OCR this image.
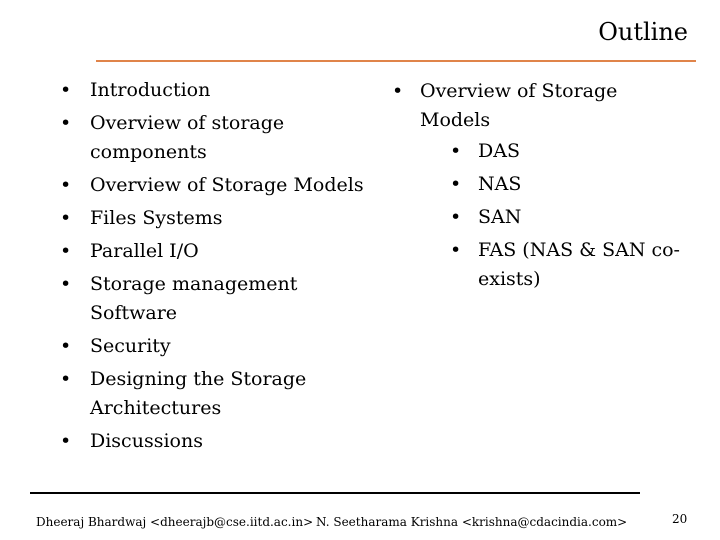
Outline
• Introduction
• Overview of storage components
• Overview of Storage Models
• Files Systems
• Parallel I/O
• Storage management Software
• Security
• Designing the Storage Architectures
• Discussions
• Overview of Storage Models
• DAS
• NAS
• SAN
• FAS (NAS & SAN co-exists)
Dheeraj Bhardwaj <dheerajb@cse.iitd.ac.in> N. Seetharama Krishna <krishna@cdacindia.com>	20
